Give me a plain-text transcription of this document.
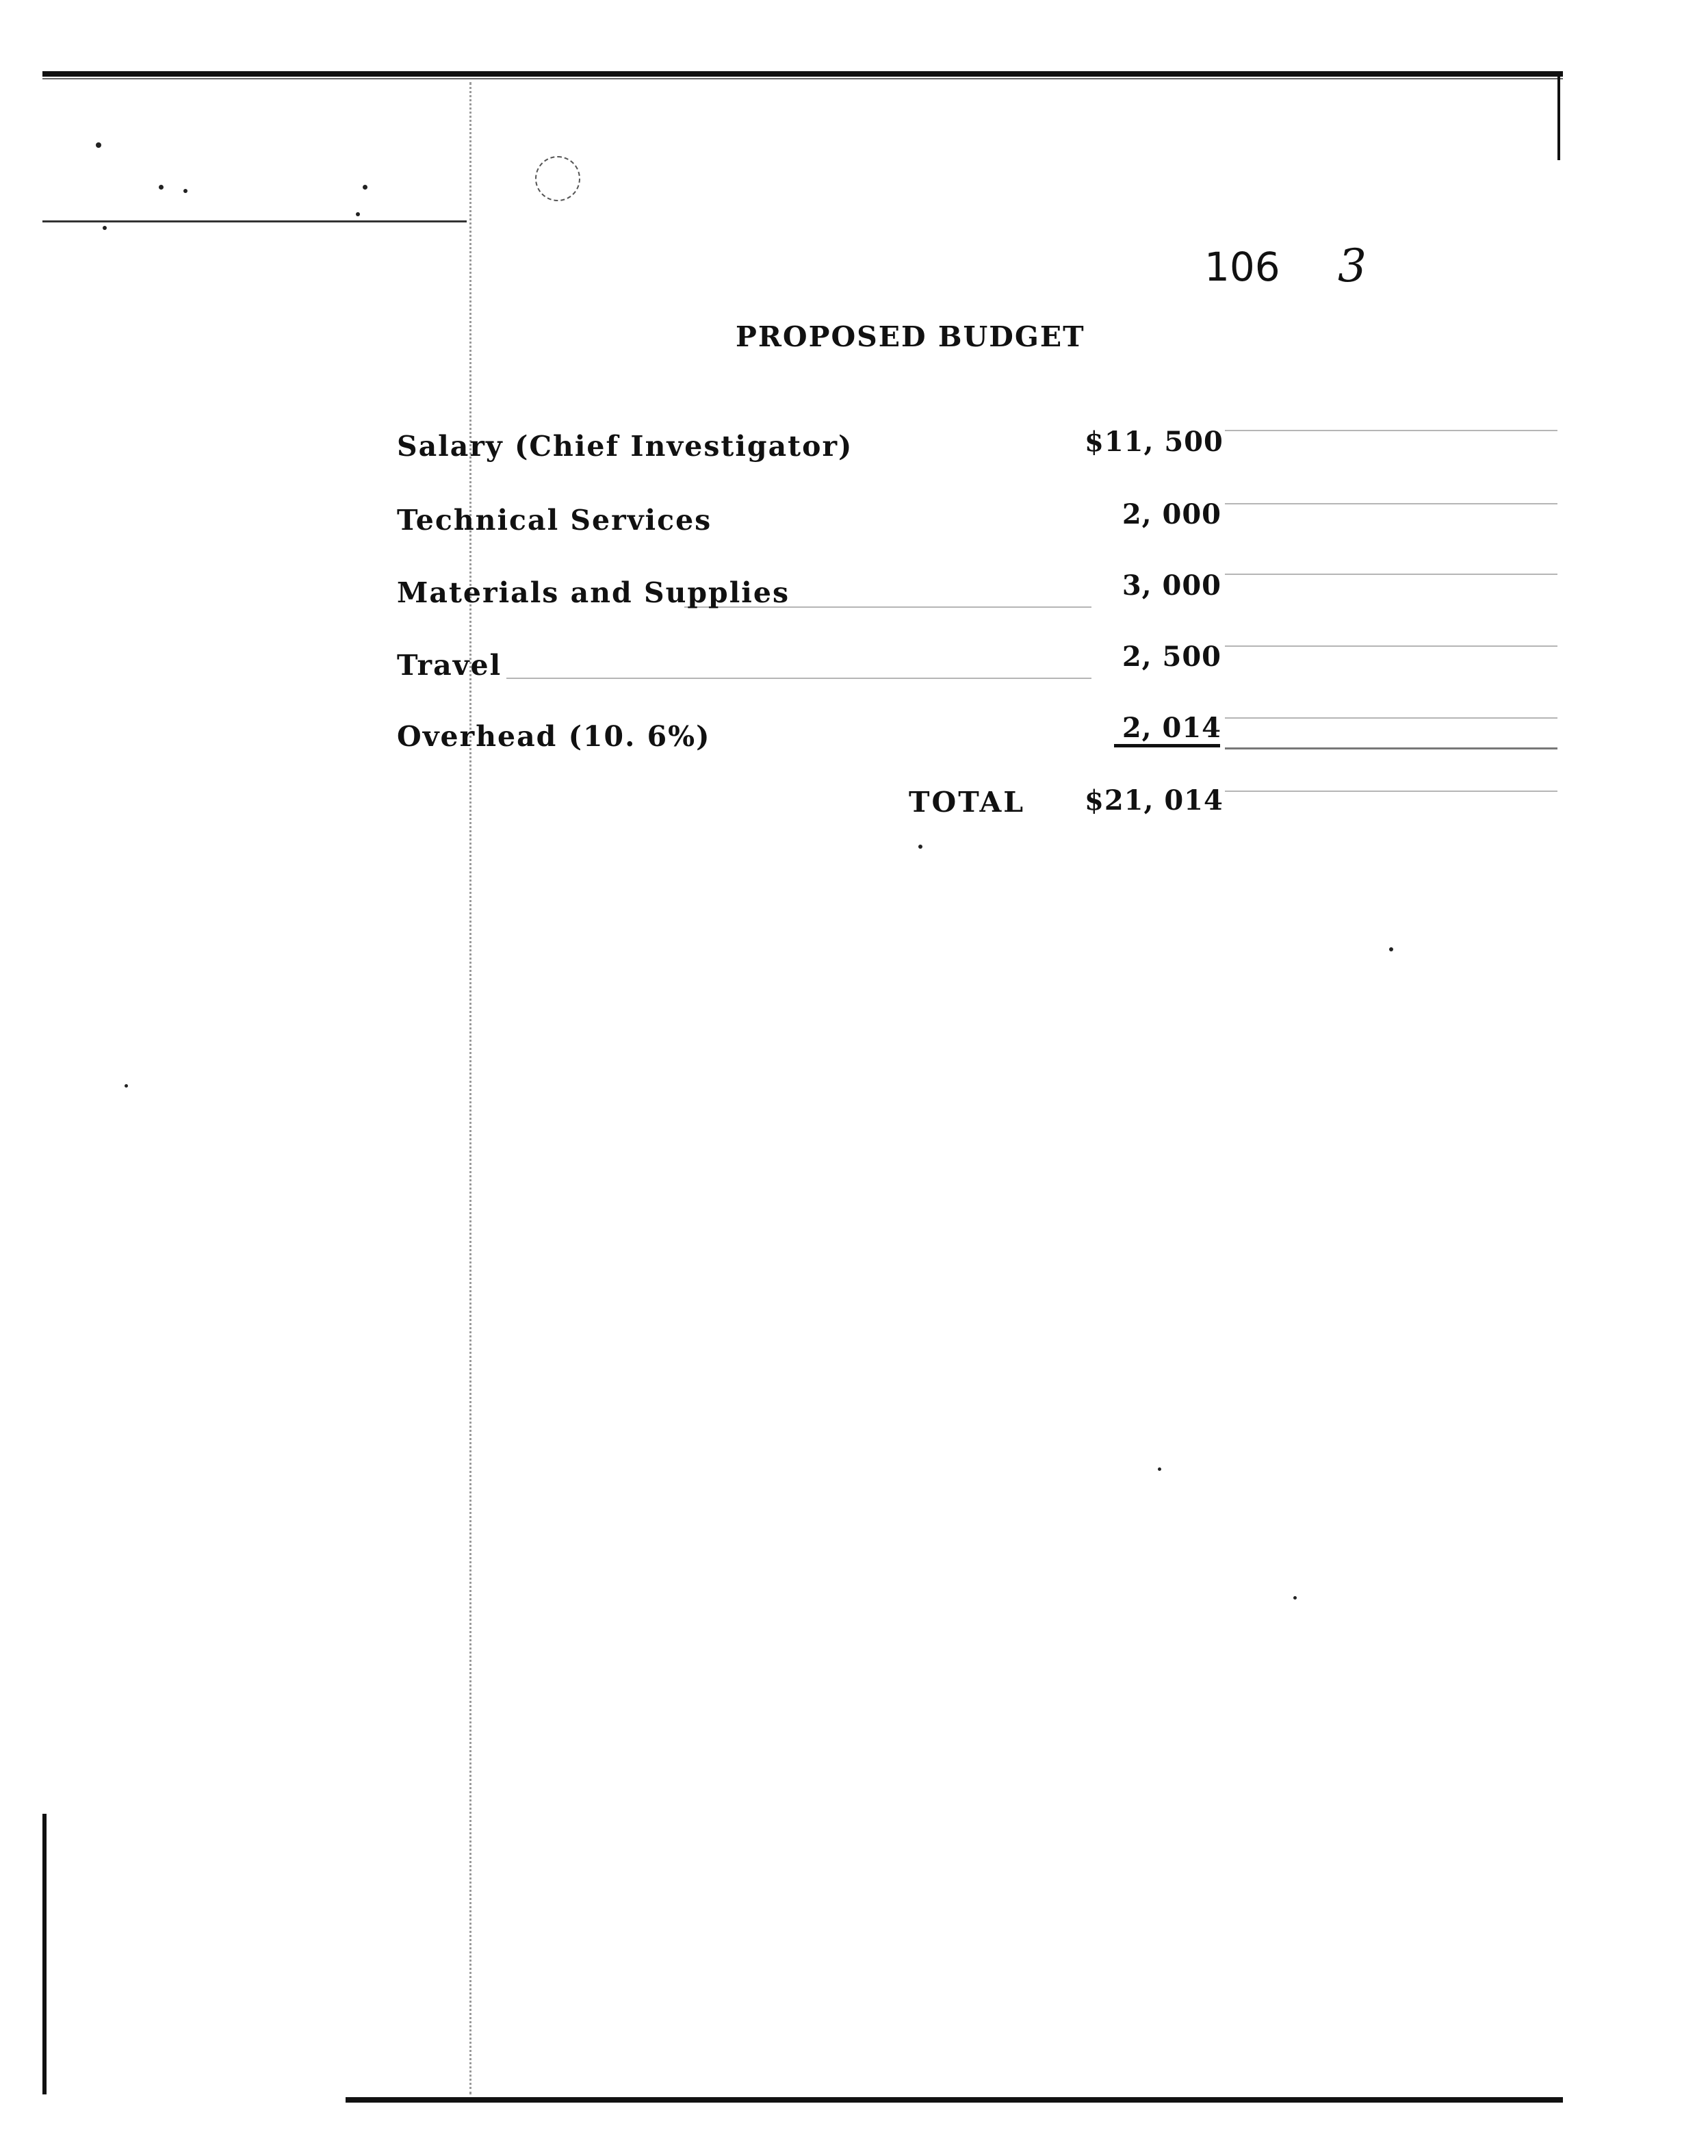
106 3
PROPOSED BUDGET
Salary (Chief Investigator)	$11, 500
Technical Services	2, 000
Materials and Supplies	3, 000
Travel	2, 500
Overhead (10. 6%)	2, 014
TOTAL $21, 014
